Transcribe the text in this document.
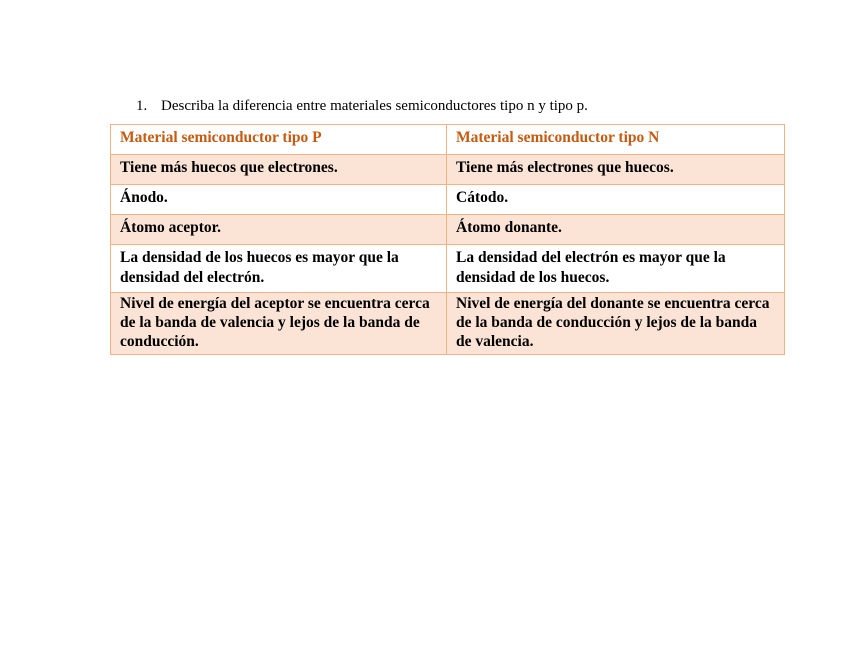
1. Describa la diferencia entre materiales semiconductores tipo n y tipo p.
Material semiconductor tipo P	Material semiconductor tipo N
Tiene más huecos que electrones.	Tiene más electrones que huecos.
Ánodo.	Cátodo.
Átomo aceptor.	Átomo donante.
La densidad de los huecos es mayor que la densidad del electrón.	La densidad del electrón es mayor que la densidad de los huecos.
Nivel de energía del aceptor se encuentra cerca de la banda de valencia y lejos de la banda de conducción.	Nivel de energía del donante se encuentra cerca de la banda de conducción y lejos de la banda de valencia.
